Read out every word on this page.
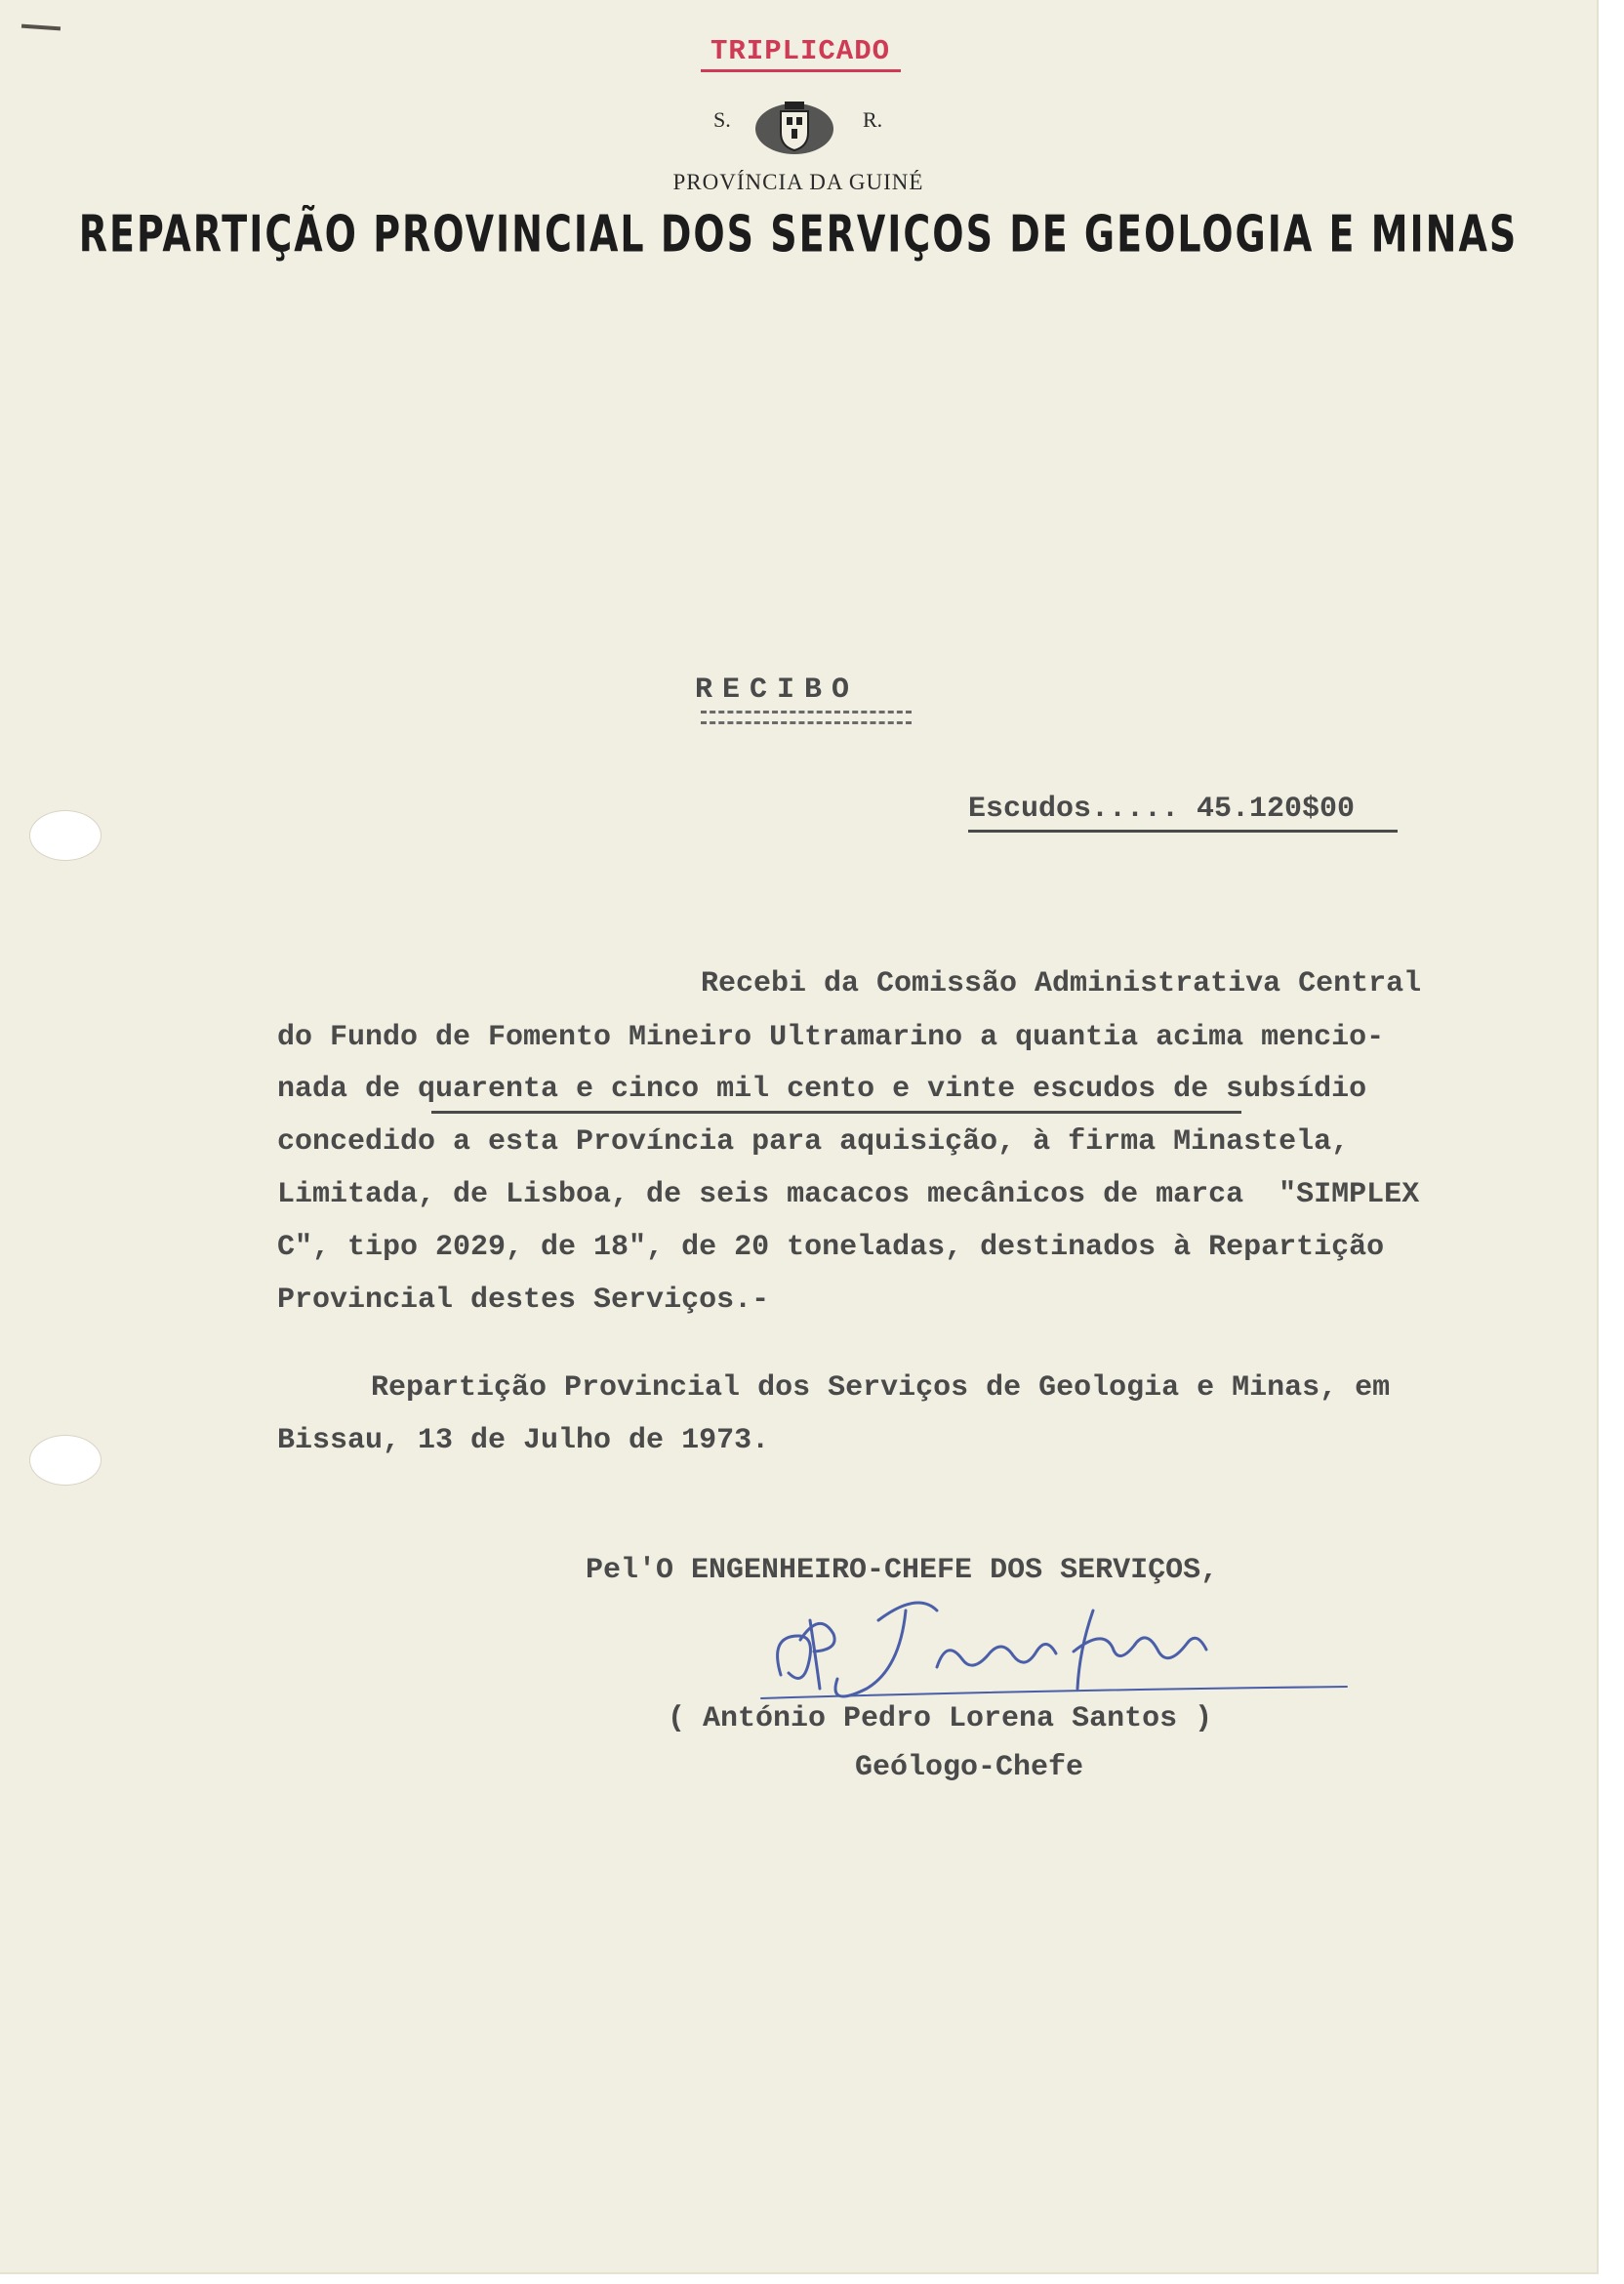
TRIPLICADO
S.	R.
PROVÍNCIA DA GUINÉ
REPARTIÇÃO PROVINCIAL DOS SERVIÇOS DE GEOLOGIA E MINAS
RECIBO
Escudos..... 45.120$00
Recebi da Comissão Administrativa Central
do Fundo de Fomento Mineiro Ultramarino a quantia acima mencio-
nada de quarenta e cinco mil cento e vinte escudos de subsídio
concedido a esta Província para aquisição, à firma Minastela,
Limitada, de Lisboa, de seis macacos mecânicos de marca  "SIMPLEX
C", tipo 2029, de 18", de 20 toneladas, destinados à Repartição
Provincial destes Serviços.-
Repartição Provincial dos Serviços de Geologia e Minas, em
Bissau, 13 de Julho de 1973.
Pel'O ENGENHEIRO-CHEFE DOS SERVIÇOS,
( António Pedro Lorena Santos )
Geólogo-Chefe
